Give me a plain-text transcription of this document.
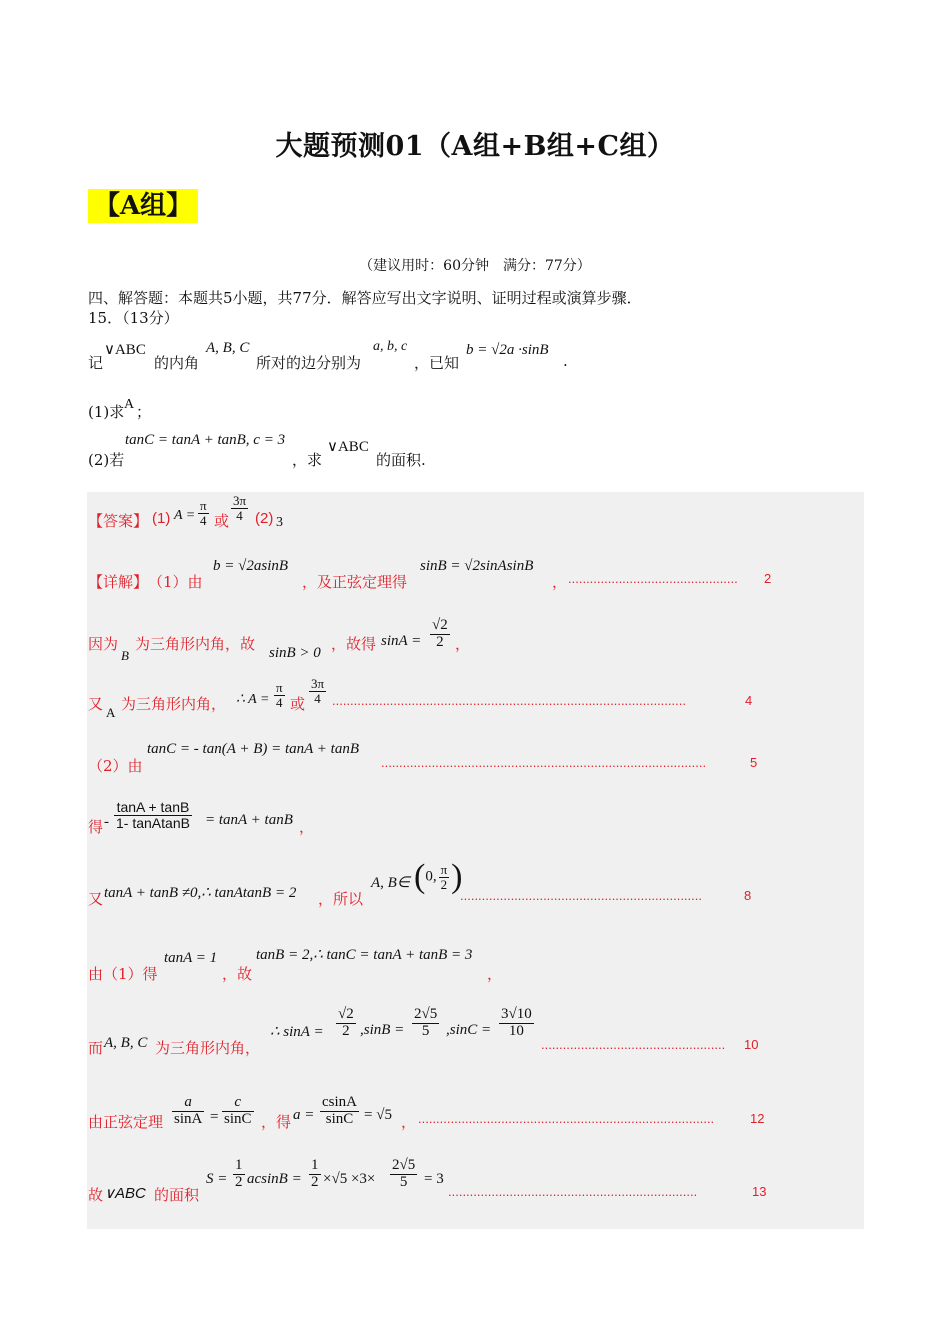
大题预测01（A组+B组+C组）
【A组】
（建议用时：60分钟　满分：77分）
四、解答题：本题共5小题，共77分．解答应写出文字说明、证明过程或演算步骤．
15．（13分）
记
∨ABC
的内角
A, B, C
所对的边分别为
a, b, c
，已知
b = √2a ·sinB
.
(1)求 A ；
(2)若
tanC = tanA + tanB, c = 3
，求
∨ABC
的面积.
【答案】 (1) $A = \frac{\pi}{4}$ 或 $\frac{3\pi}{4} (2)$ 3
【详解】 （1）由
b = √2asinB
，及正弦定理得
sinB = √2sinAsinB
， ............................................... 2
因为
B
为三角形内角，故 sinB > 0 ，故得 $\sin A = \frac{√2}{2}$ ，
又 A 为三角形内角， ∴ $A = \frac{\pi}{4}$ 或 $\frac{3\pi}{4}$ ..................................................................................................	4
（2）由
tanC = - tan(A + B) = tanA + tanB
..........................................................................................	5
得 - $\frac{\tan A + \tan B}{\text{1- tanAtanB}} = \tan A + \tan B$ ，
又 tanA + tanB ≠0,∴ tanAtanB = 2 ，所以
A, B∈ (0, $\frac{\pi}{2}$ )
...................................................................	8
由（1）得
tanA = 1
，故
tanB = 2,∴ tanC = tanA + tanB = 3
，
而 A, B, C 为三角形内角，
∴ $\sin A = \frac{√2}{2} ,\sin B = \frac{2√5}{5} ,\sin C = \frac{3√10}{10}$
................................................... 10
由正弦定理 $\frac{a}{\sin A} = \frac{c}{\sin C}$ ，得 $a = \frac{csinA}{\sin C} = √5$ ， ..................................................................................	12
故 ∨ABC 的面积
$S = \frac{1}{2}$ $acsinB = \frac{1}{2} \times√5 \times 3\times \frac{2√5}{5} = 3$
.....................................................................	13
